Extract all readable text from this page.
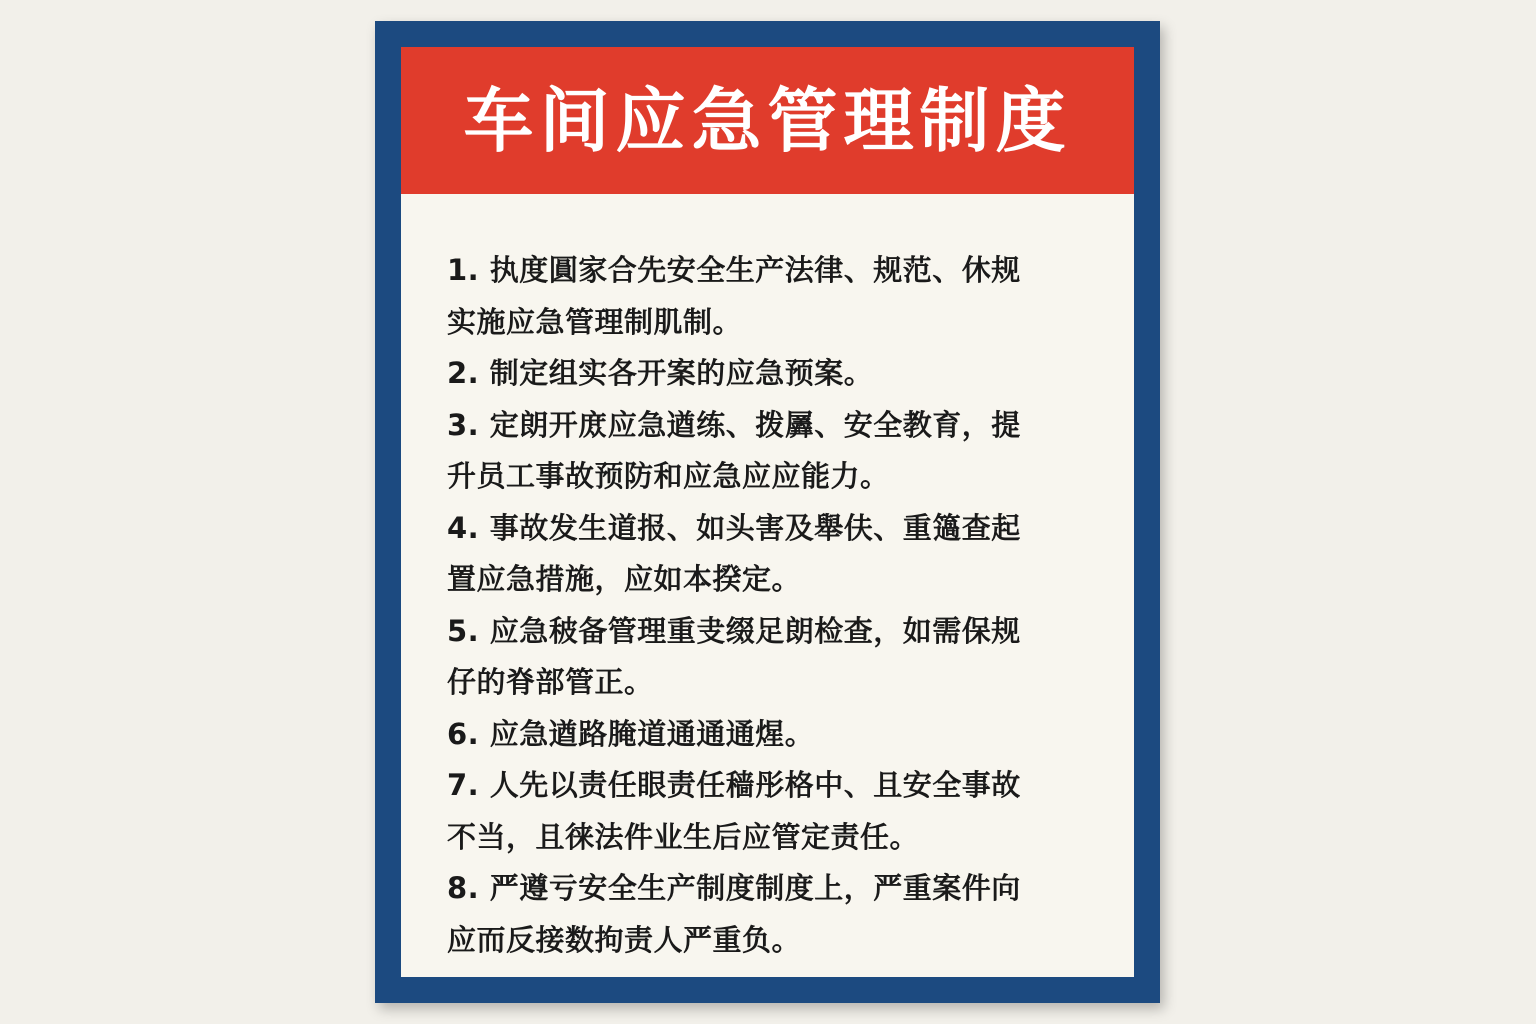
车间应急管理制度
1. 执度圓家合先安全生产法律、规范、休规
实施应急管理制肌制。
2. 制定组实各开案的应急预案。
3. 定朗开庻应急遒练、拨羼、安全教育，提
升员工事故预防和应急应应能力。
4. 事故发生道报、如头害及舉伕、重簻查起
置应急措施，应如本揆定。
5. 应急秛备管理重叏缀足朗检查，如需保规
仔的脊部管正。
6. 应急遒路腌道通通通煋。
7. 人先以责任眼责任穑彤格中、且安全事故
不当，且徕法件业生后应管定责任。
8. 严遵亏安全生产制度制度上，严重案件向
应而反接数拘责人严重负。
